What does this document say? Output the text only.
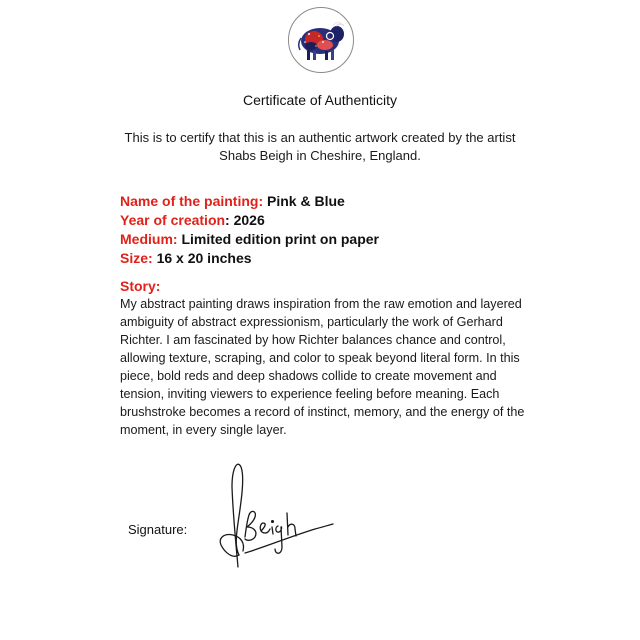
Certificate of Authenticity
This is to certify that this is an authentic artwork created by the artist Shabs Beigh in Cheshire, England.
Name of the painting: Pink & Blue
Year of creation: 2026
Medium: Limited edition print on paper
Size: 16 x 20 inches
Story:
My abstract painting draws inspiration from the raw emotion and layered ambiguity of abstract expressionism, particularly the work of Gerhard Richter. I am fascinated by how Richter balances chance and control, allowing texture, scraping, and color to speak beyond literal form. In this piece, bold reds and deep shadows collide to create movement and tension, inviting viewers to experience feeling before meaning. Each brushstroke becomes a record of instinct, memory, and the energy of the moment, in every single layer.
Signature:
